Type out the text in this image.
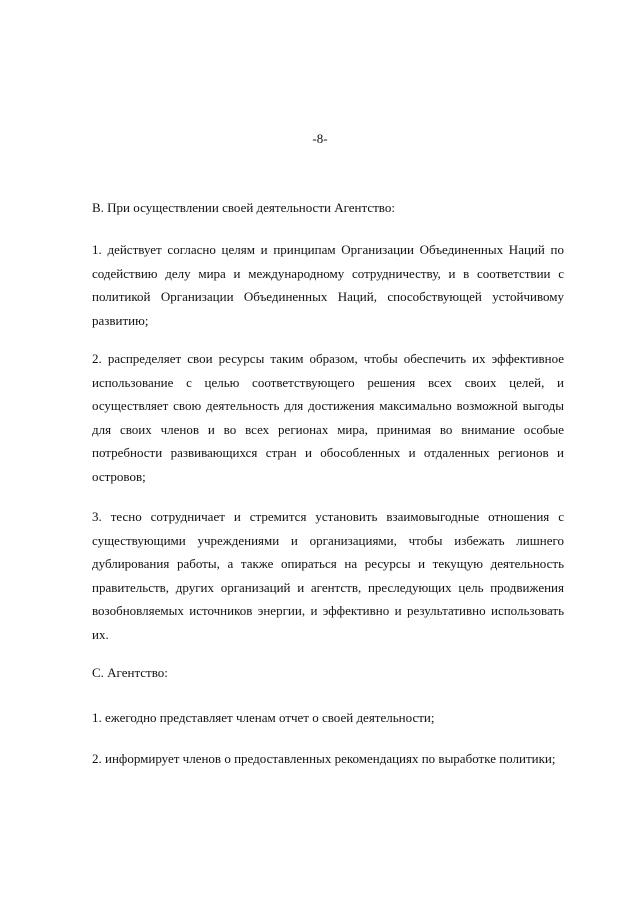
-8-
B. При осуществлении своей деятельности Агентство:
1. действует согласно целям и принципам Организации Объединенных Наций по содействию делу мира и международному сотрудничеству, и в соответствии с политикой Организации Объединенных Наций, способствующей устойчивому развитию;
2. распределяет свои ресурсы таким образом, чтобы обеспечить их эффективное использование с целью соответствующего решения всех своих целей, и осуществляет свою деятельность для достижения максимально возможной выгоды для своих членов и во всех регионах мира, принимая во внимание особые потребности развивающихся стран и обособленных и отдаленных регионов и островов;
3. тесно сотрудничает и стремится установить взаимовыгодные отношения с существующими учреждениями и организациями, чтобы избежать лишнего дублирования работы, а также опираться на ресурсы и текущую деятельность правительств, других организаций и агентств, преследующих цель продвижения возобновляемых источников энергии, и эффективно и результативно использовать их.
C. Агентство:
1. ежегодно представляет членам отчет о своей деятельности;
2. информирует членов о предоставленных рекомендациях по выработке политики;
